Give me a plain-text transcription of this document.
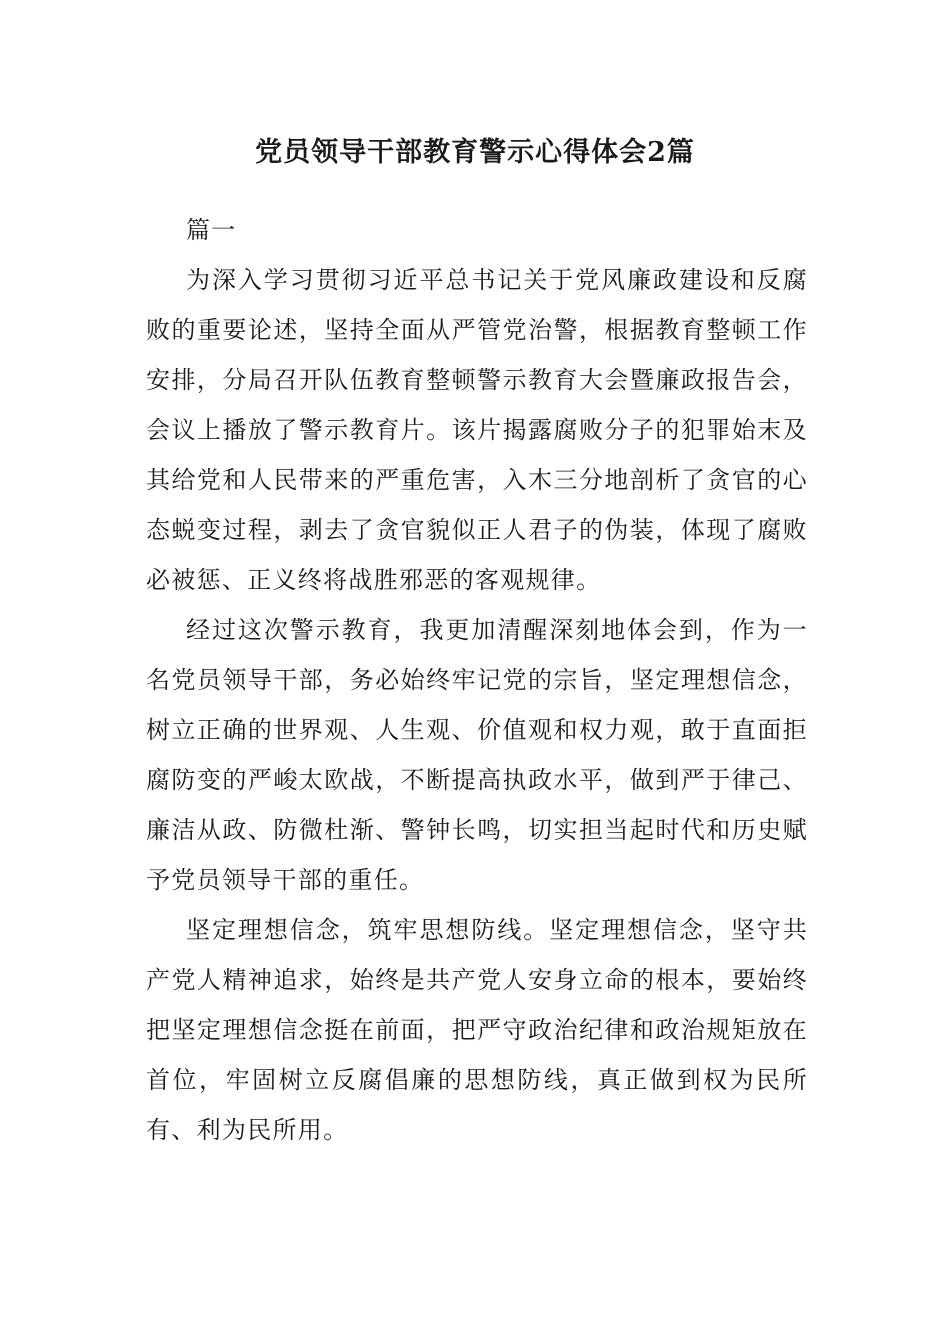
党员领导干部教育警示心得体会2篇

篇一

为深入学习贯彻习近平总书记关于党风廉政建设和反腐败的重要论述，坚持全面从严管党治警，根据教育整顿工作安排，分局召开队伍教育整顿警示教育大会暨廉政报告会，会议上播放了警示教育片。该片揭露腐败分子的犯罪始末及其给党和人民带来的严重危害，入木三分地剖析了贪官的心态蜕变过程，剥去了贪官貌似正人君子的伪装，体现了腐败必被惩、正义终将战胜邪恶的客观规律。

经过这次警示教育，我更加清醒深刻地体会到，作为一名党员领导干部，务必始终牢记党的宗旨，坚定理想信念，树立正确的世界观、人生观、价值观和权力观，敢于直面拒腐防变的严峻太欧战，不断提高执政水平，做到严于律己、廉洁从政、防微杜渐、警钟长鸣，切实担当起时代和历史赋予党员领导干部的重任。

坚定理想信念，筑牢思想防线。坚定理想信念，坚守共产党人精神追求，始终是共产党人安身立命的根本，要始终把坚定理想信念挺在前面，把严守政治纪律和政治规矩放在首位，牢固树立反腐倡廉的思想防线，真正做到权为民所有、利为民所用。
